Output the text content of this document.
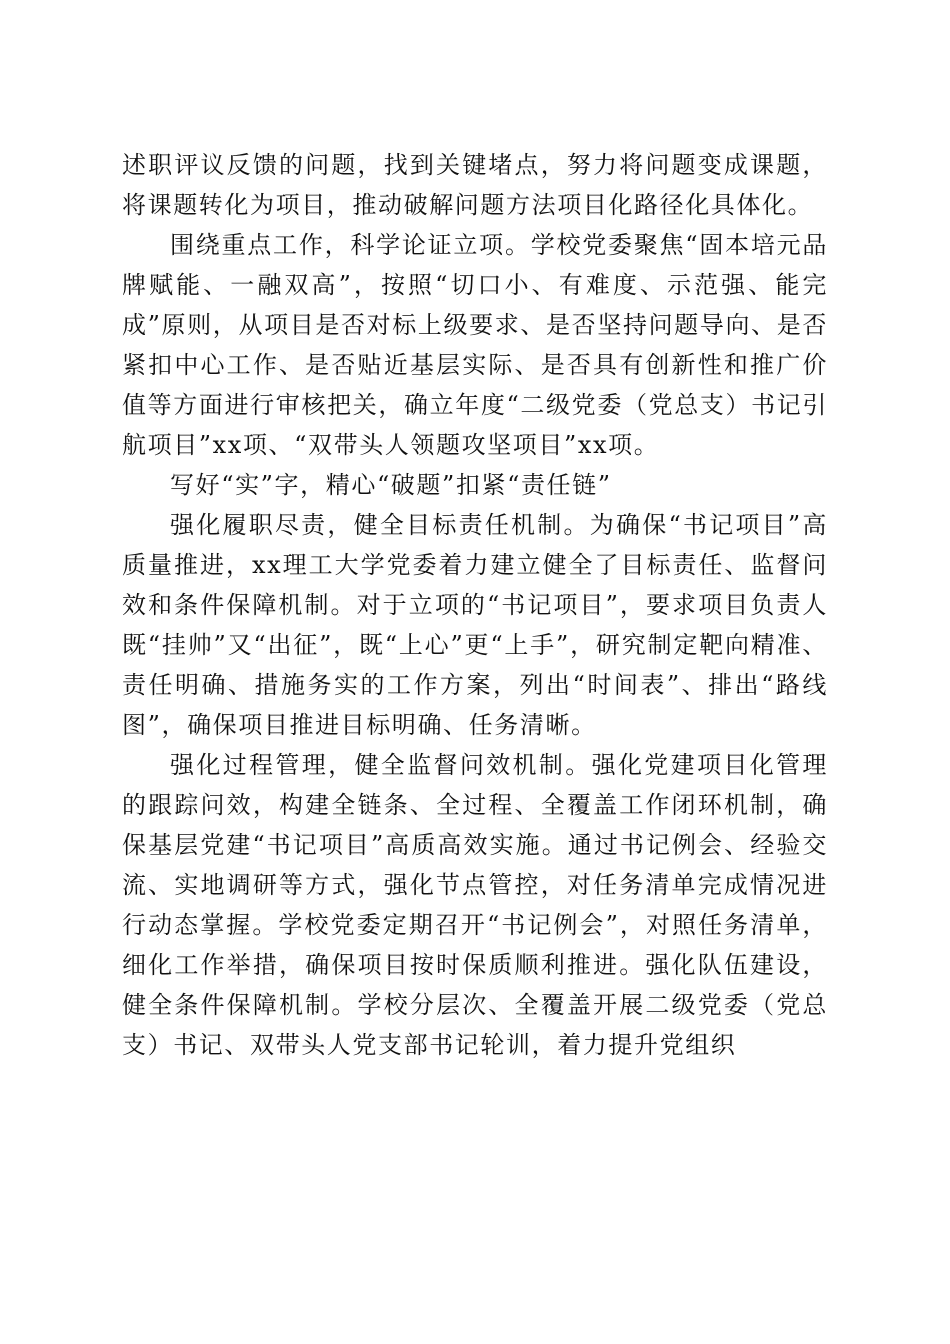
述职评议反馈的问题，找到关键堵点，努力将问题变成课题，将课题转化为项目，推动破解问题方法项目化路径化具体化。

围绕重点工作，科学论证立项。学校党委聚焦“固本培元品牌赋能、一融双高”，按照“切口小、有难度、示范强、能完成”原则，从项目是否对标上级要求、是否坚持问题导向、是否紧扣中心工作、是否贴近基层实际、是否具有创新性和推广价值等方面进行审核把关，确立年度“二级党委（党总支）书记引航项目”xx项、“双带头人领题攻坚项目”xx项。

写好“实”字，精心“破题”扣紧“责任链”

强化履职尽责，健全目标责任机制。为确保“书记项目”高质量推进，xx理工大学党委着力建立健全了目标责任、监督问效和条件保障机制。对于立项的“书记项目”，要求项目负责人既“挂帅”又“出征”，既“上心”更“上手”，研究制定靶向精准、责任明确、措施务实的工作方案，列出“时间表”、排出“路线图”，确保项目推进目标明确、任务清晰。

强化过程管理，健全监督问效机制。强化党建项目化管理的跟踪问效，构建全链条、全过程、全覆盖工作闭环机制，确保基层党建“书记项目”高质高效实施。通过书记例会、经验交流、实地调研等方式，强化节点管控，对任务清单完成情况进行动态掌握。学校党委定期召开“书记例会”，对照任务清单，细化工作举措，确保项目按时保质顺利推进。强化队伍建设，健全条件保障机制。学校分层次、全覆盖开展二级党委（党总支）书记、双带头人党支部书记轮训，着力提升党组织
